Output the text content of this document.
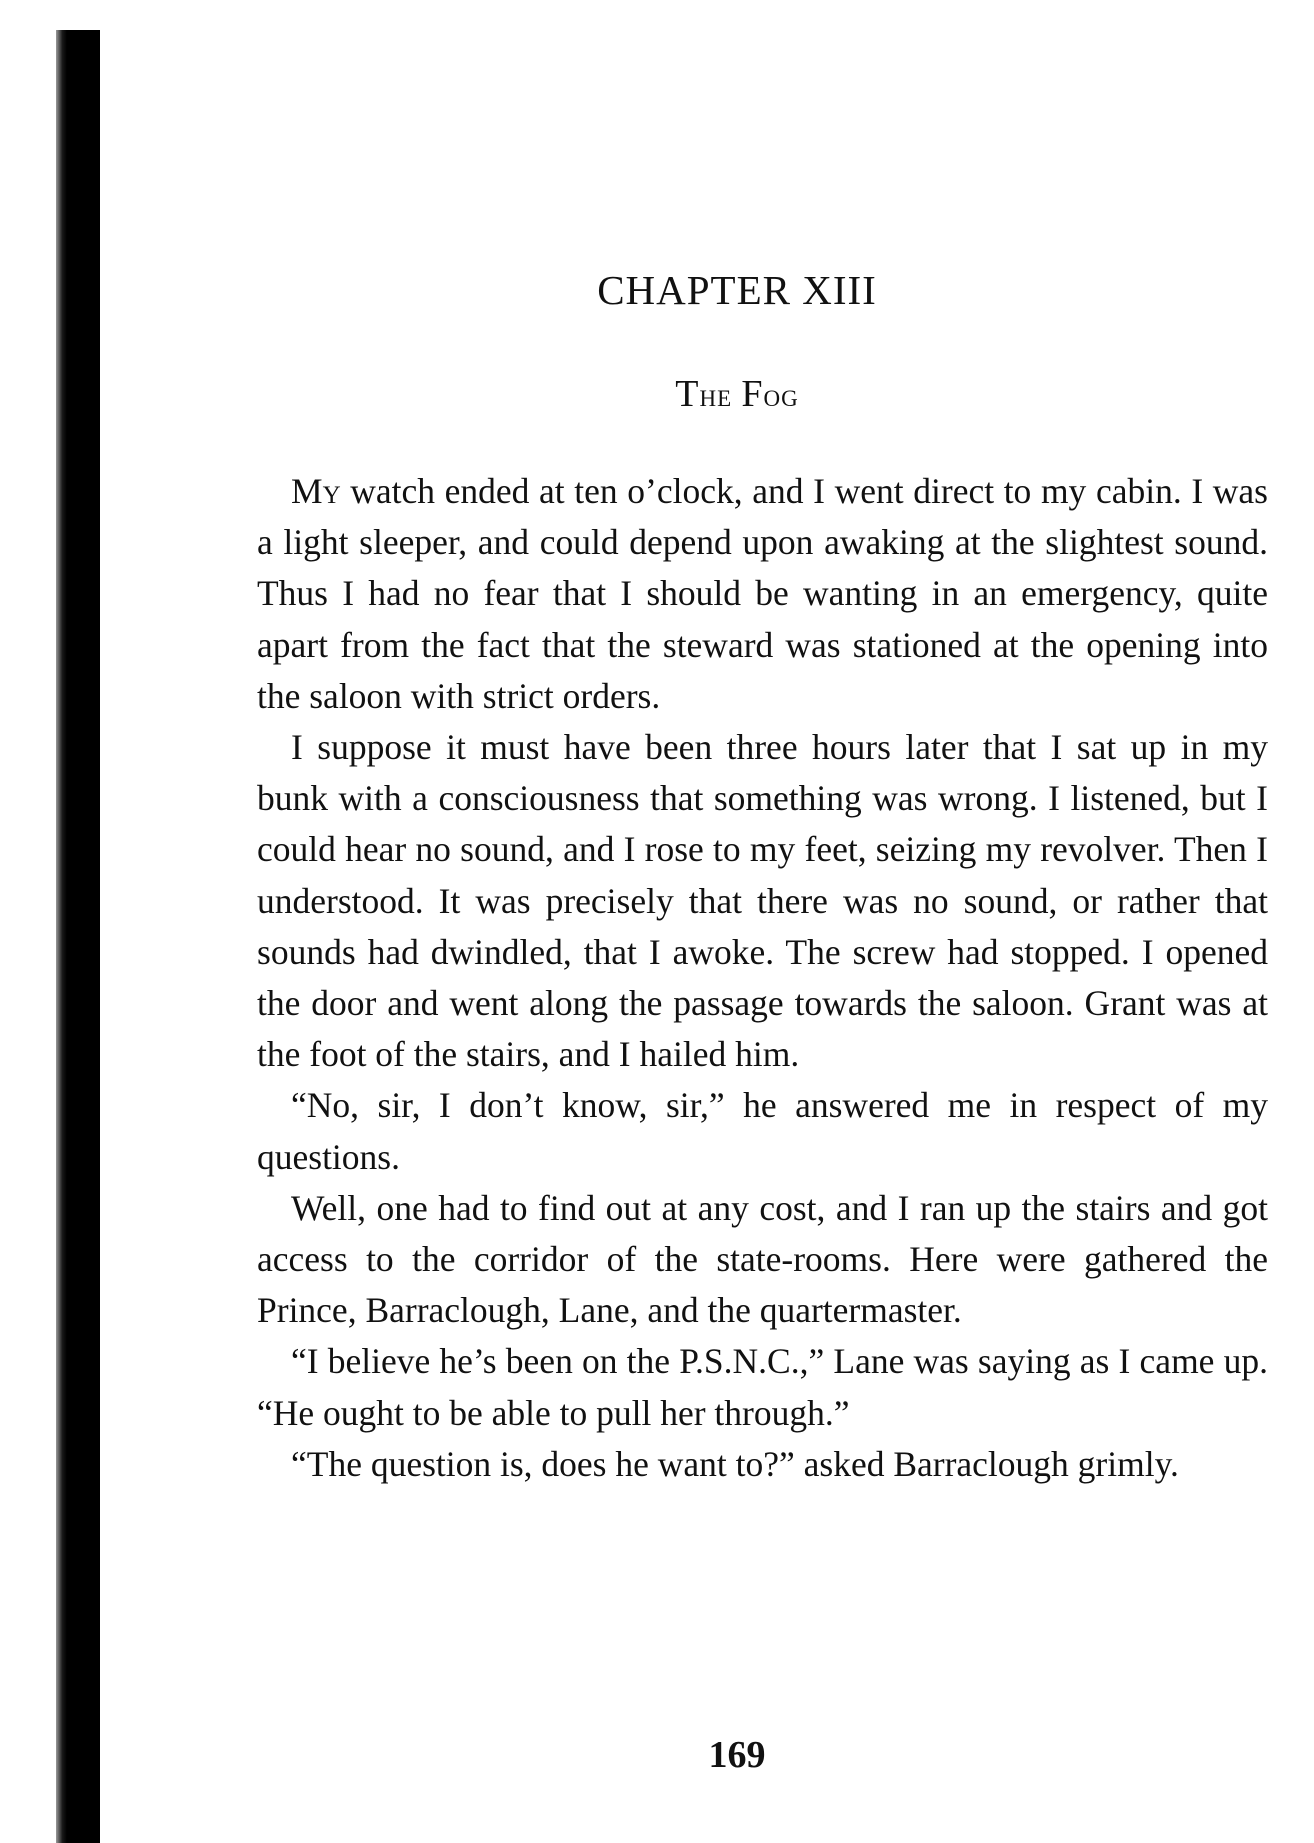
CHAPTER XIII
The Fog

My watch ended at ten o’clock, and I went direct to my cabin. I was a light sleeper, and could depend upon awaking at the slightest sound. Thus I had no fear that I should be wanting in an emergency, quite apart from the fact that the steward was stationed at the opening into the saloon with strict orders.

I suppose it must have been three hours later that I sat up in my bunk with a consciousness that something was wrong. I listened, but I could hear no sound, and I rose to my feet, seizing my revolver. Then I understood. It was precisely that there was no sound, or rather that sounds had dwindled, that I awoke. The screw had stopped. I opened the door and went along the passage towards the saloon. Grant was at the foot of the stairs, and I hailed him.

“No, sir, I don’t know, sir,” he answered me in respect of my questions.

Well, one had to find out at any cost, and I ran up the stairs and got access to the corridor of the state-rooms. Here were gathered the Prince, Barraclough, Lane, and the quartermaster.

“I believe he’s been on the P.S.N.C.,” Lane was saying as I came up. “He ought to be able to pull her through.”

“The question is, does he want to?” asked Barraclough grimly.

169
